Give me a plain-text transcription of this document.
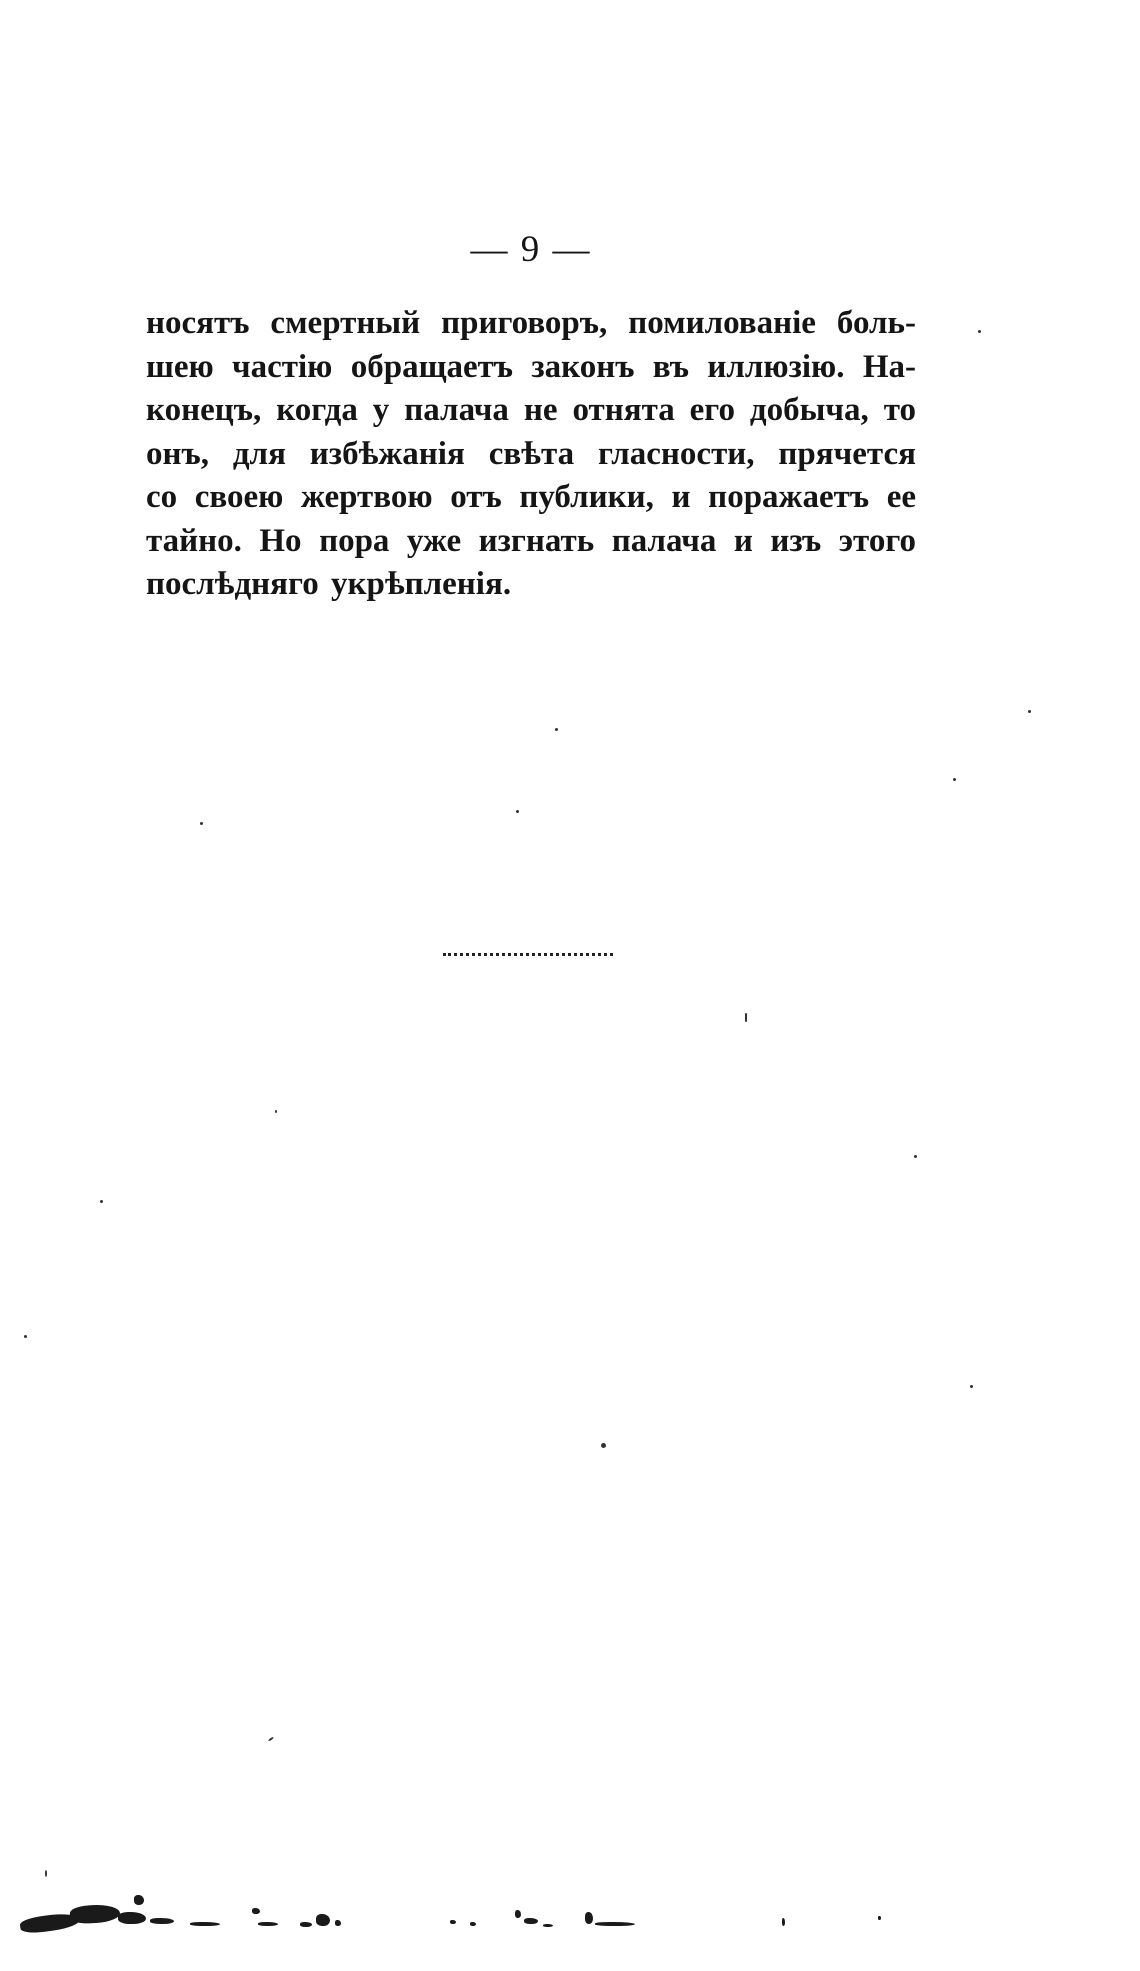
— 9 —
носятъ смертный приговоръ, помилованіе боль-
шею частію обращаетъ законъ въ иллюзію. На-
конецъ, когда у палача не отнята его добыча, то
онъ, для избѣжанія свѣта гласности, прячется
со своею жертвою отъ публики, и поражаетъ ее
тайно. Но пора уже изгнать палача и изъ этого
послѣдняго укрѣпленія.
